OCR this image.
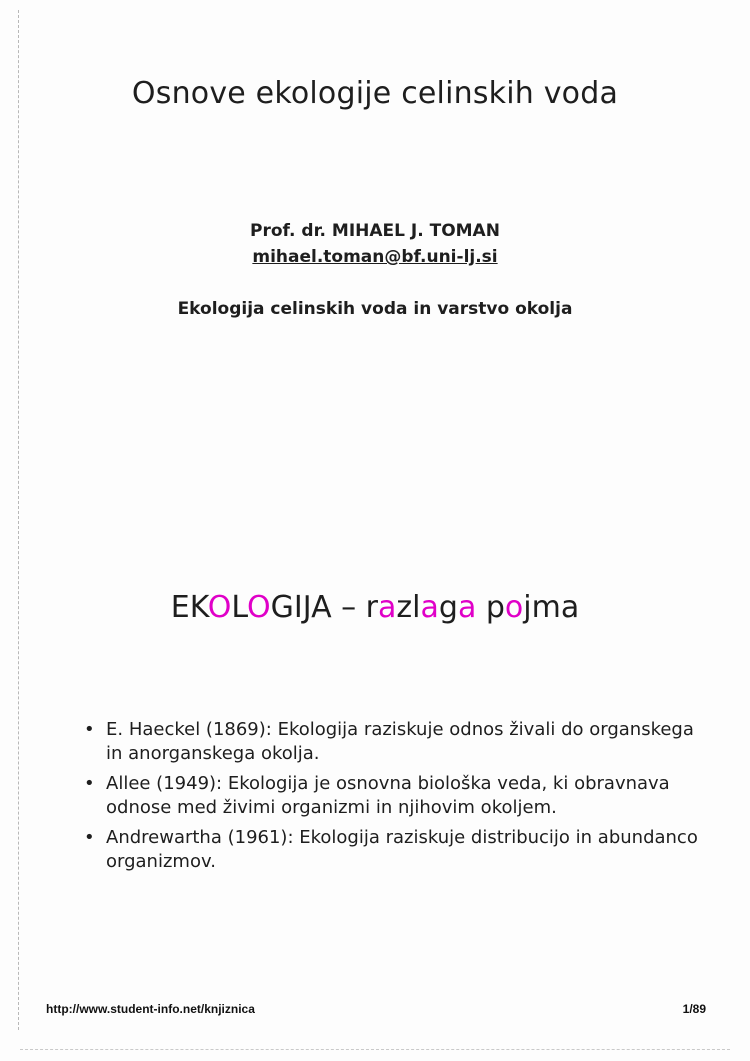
Osnove ekologije celinskih voda
Prof. dr. MIHAEL J. TOMAN
mihael.toman@bf.uni-lj.si
Ekologija celinskih voda in varstvo okolja
EKOLOGIJA – razlaga pojma
• E. Haeckel (1869): Ekologija raziskuje odnos živali do organskega in anorganskega okolja.
• Allee (1949): Ekologija je osnovna biološka veda, ki obravnava odnose med živimi organizmi in njihovim okoljem.
• Andrewartha (1961): Ekologija raziskuje distribucijo in abundanco organizmov.
http://www.student-info.net/knjiznica	1/89
